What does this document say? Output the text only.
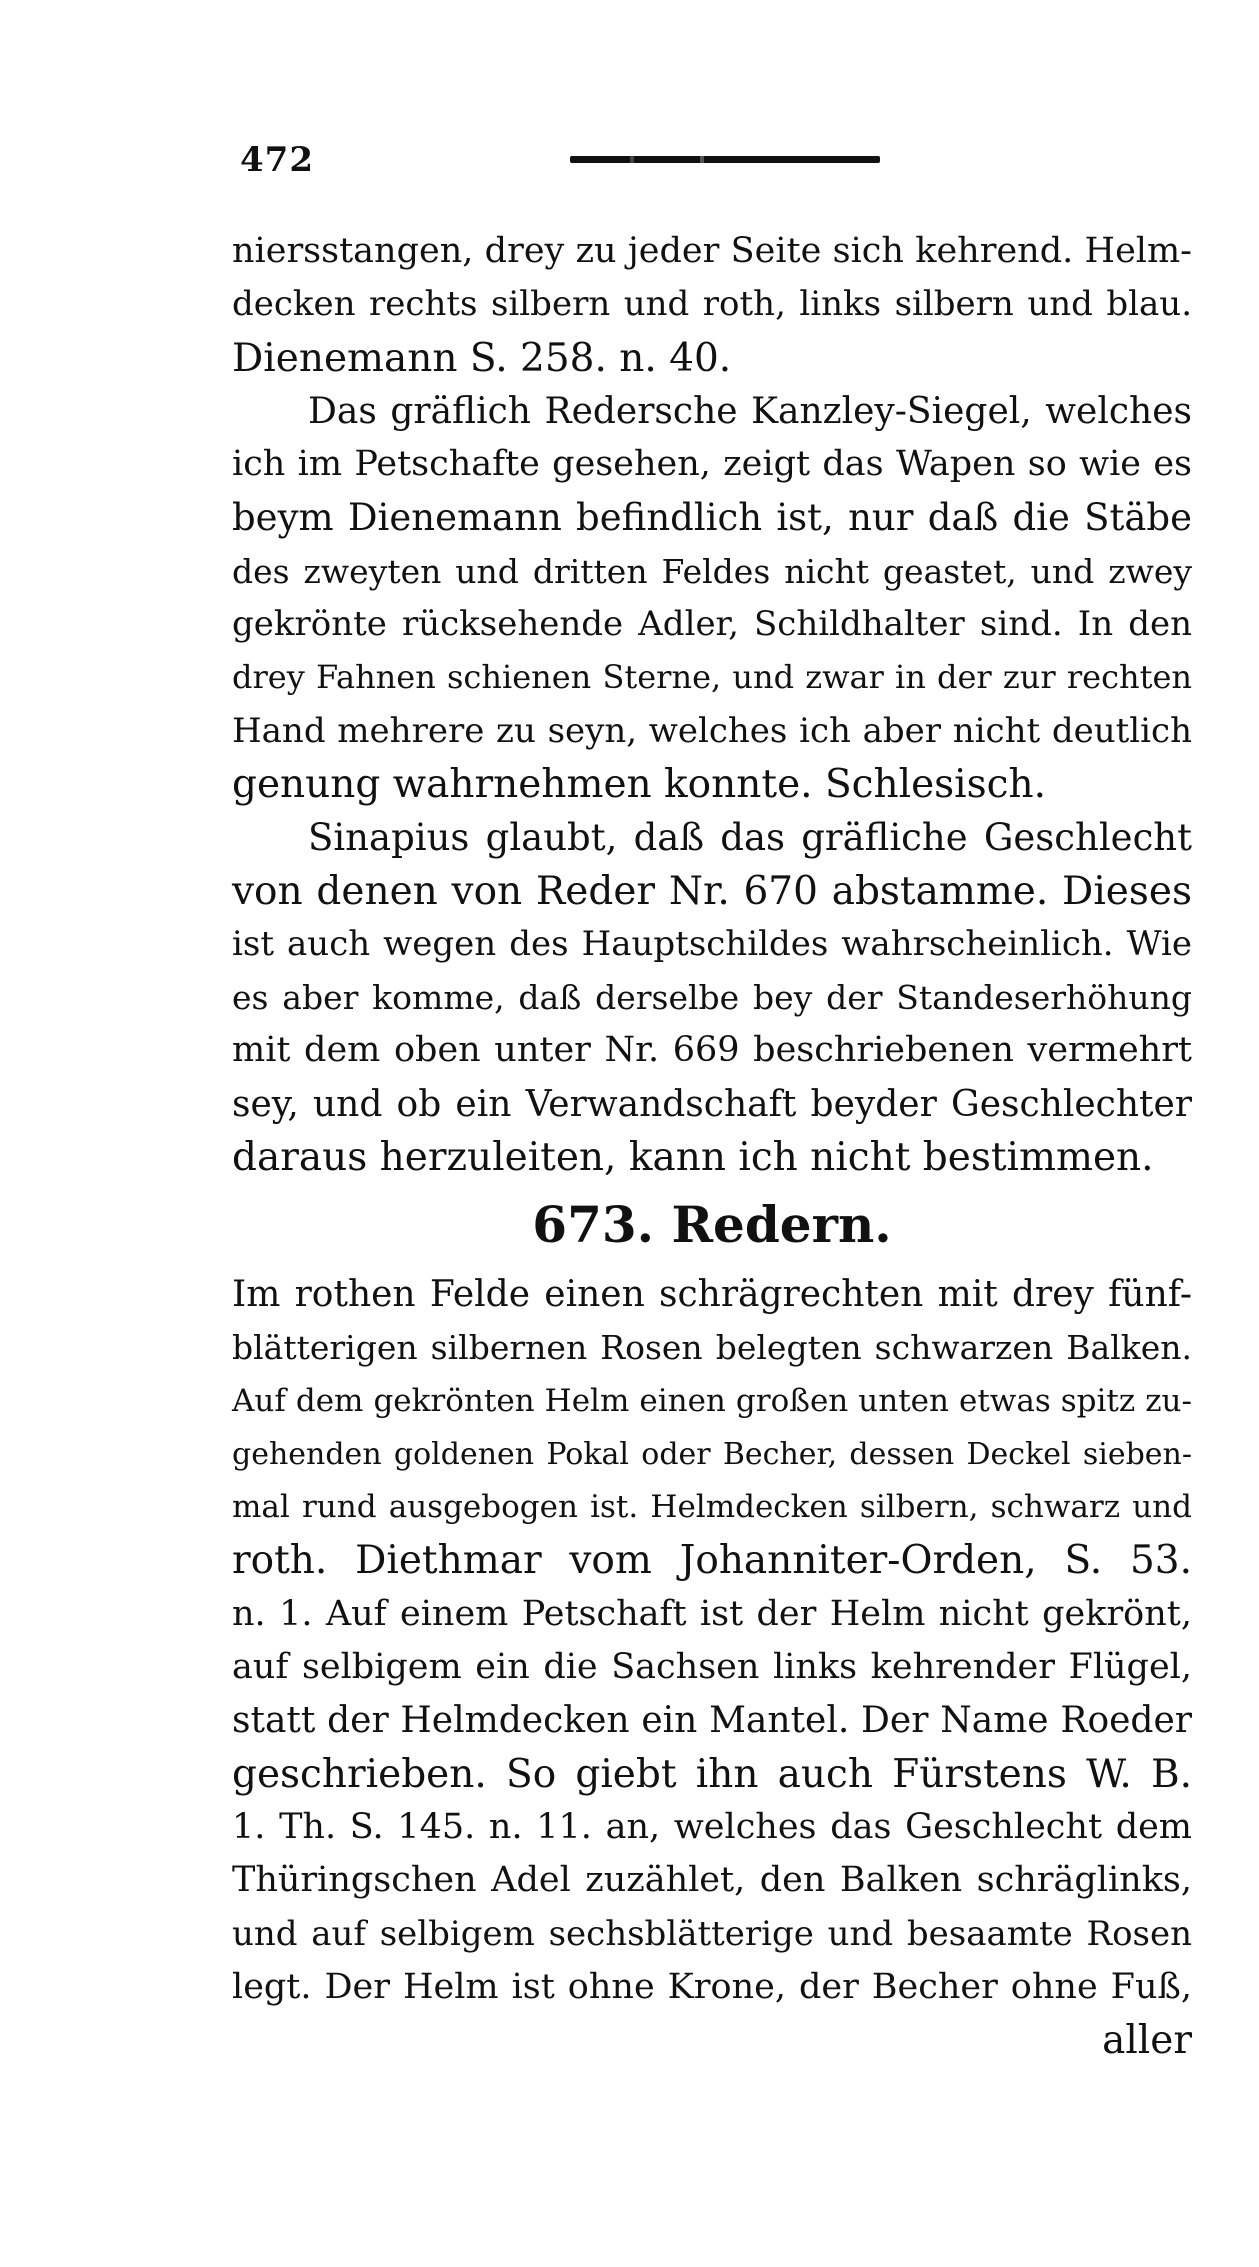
472
niersstangen, drey zu jeder Seite sich kehrend. Helm-
decken rechts silbern und roth, links silbern und blau.
Dienemann S. 258. n. 40.
Das gräflich Redersche Kanzley-Siegel, welches
ich im Petschafte gesehen, zeigt das Wapen so wie es
beym Dienemann befindlich ist, nur daß die Stäbe
des zweyten und dritten Feldes nicht geastet, und zwey
gekrönte rücksehende Adler, Schildhalter sind. In den
drey Fahnen schienen Sterne, und zwar in der zur rechten
Hand mehrere zu seyn, welches ich aber nicht deutlich
genung wahrnehmen konnte. Schlesisch.
Sinapius glaubt, daß das gräfliche Geschlecht
von denen von Reder Nr. 670 abstamme. Dieses
ist auch wegen des Hauptschildes wahrscheinlich. Wie
es aber komme, daß derselbe bey der Standeserhöhung
mit dem oben unter Nr. 669 beschriebenen vermehrt
sey, und ob ein Verwandschaft beyder Geschlechter
daraus herzuleiten, kann ich nicht bestimmen.
673. Redern.
Im rothen Felde einen schrägrechten mit drey fünf-
blätterigen silbernen Rosen belegten schwarzen Balken.
Auf dem gekrönten Helm einen großen unten etwas spitz zu-
gehenden goldenen Pokal oder Becher, dessen Deckel sieben-
mal rund ausgebogen ist. Helmdecken silbern, schwarz und
roth. Diethmar vom Johanniter-Orden, S. 53.
n. 1. Auf einem Petschaft ist der Helm nicht gekrönt,
auf selbigem ein die Sachsen links kehrender Flügel,
statt der Helmdecken ein Mantel. Der Name Roeder
geschrieben. So giebt ihn auch Fürstens W. B.
1. Th. S. 145. n. 11. an, welches das Geschlecht dem
Thüringschen Adel zuzählet, den Balken schräglinks,
und auf selbigem sechsblätterige und besaamte Rosen
legt. Der Helm ist ohne Krone, der Becher ohne Fuß,
aller
